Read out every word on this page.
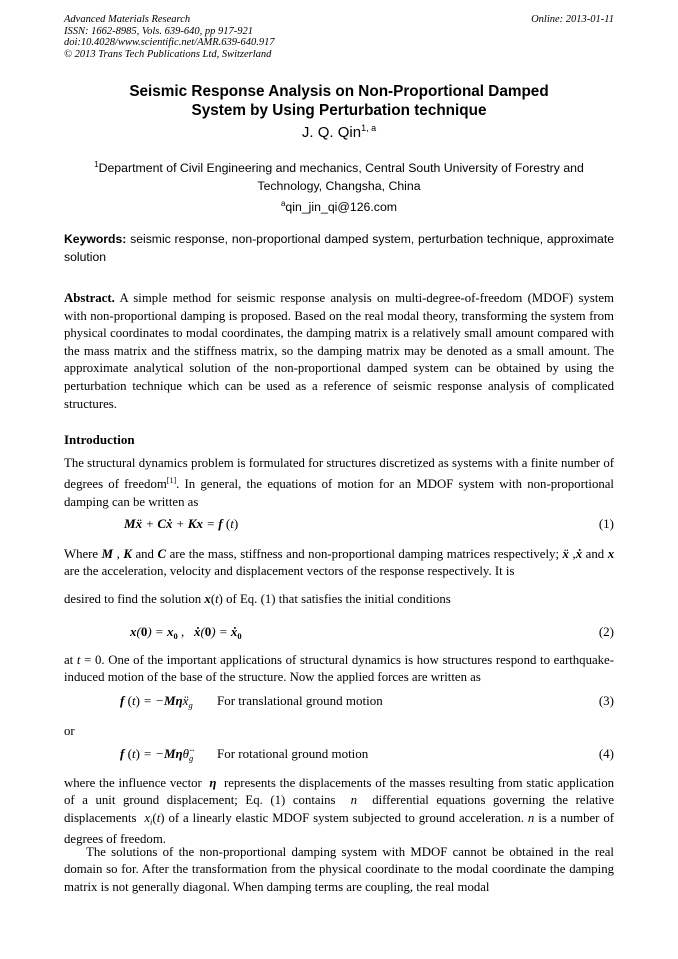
Advanced Materials Research
ISSN: 1662-8985, Vols. 639-640, pp 917-921
doi:10.4028/www.scientific.net/AMR.639-640.917
© 2013 Trans Tech Publications Ltd, Switzerland
Online: 2013-01-11
Seismic Response Analysis on Non-Proportional Damped
System by Using Perturbation technique
J. Q. Qin$^{1, a}$
$^1$Department of Civil Engineering and mechanics, Central South University of Forestry and
Technology, Changsha, China
$^a$qin_jin_qi@126.com
Keywords: seismic response, non-proportional damped system, perturbation technique, approximate solution
Abstract. A simple method for seismic response analysis on multi-degree-of-freedom (MDOF) system with non-proportional damping is proposed. Based on the real modal theory, transforming the system from physical coordinates to modal coordinates, the damping matrix is a relatively small amount compared with the mass matrix and the stiffness matrix, so the damping matrix may be denoted as a small amount. The approximate analytical solution of the non-proportional damped system can be obtained by using the perturbation technique which can be used as a reference of seismic response analysis of complicated structures.
Introduction
The structural dynamics problem is formulated for structures discretized as systems with a finite number of degrees of freedom[1]. In general, the equations of motion for an MDOF system with non-proportional damping can be written as
Mẍ + Cẋ + Kx = f (t)	(1)
Where M , K and C are the mass, stiffness and non-proportional damping matrices respectively; ẍ ,ẋ and x are the acceleration, velocity and displacement vectors of the response respectively. It is
desired to find the solution x(t) of Eq. (1) that satisfies the initial conditions
$x(0) = x_0$ ,   ẋ(0) = ẋ$_0$	(2)
at t = 0. One of the important applications of structural dynamics is how structures respond to earthquake-induced motion of the base of the structure. Now the applied forces are written as
f (t) = −Mηẍ$_g$ For translational ground motion	(3)
or
f $(t) = -M\eta\thetä_g$ For rotational ground motion	(4)
where the influence vector η represents the displacements of the masses resulting from static application of a unit ground displacement; Eq. (1) contains n differential equations governing the relative displacements $x_i(t)$ of a linearly elastic MDOF system subjected to ground acceleration. n is a number of degrees of freedom.
The solutions of the non-proportional damping system with MDOF cannot be obtained in the real domain so for. After the transformation from the physical coordinate to the modal coordinate the damping matrix is not generally diagonal. When damping terms are coupling, the real modal
